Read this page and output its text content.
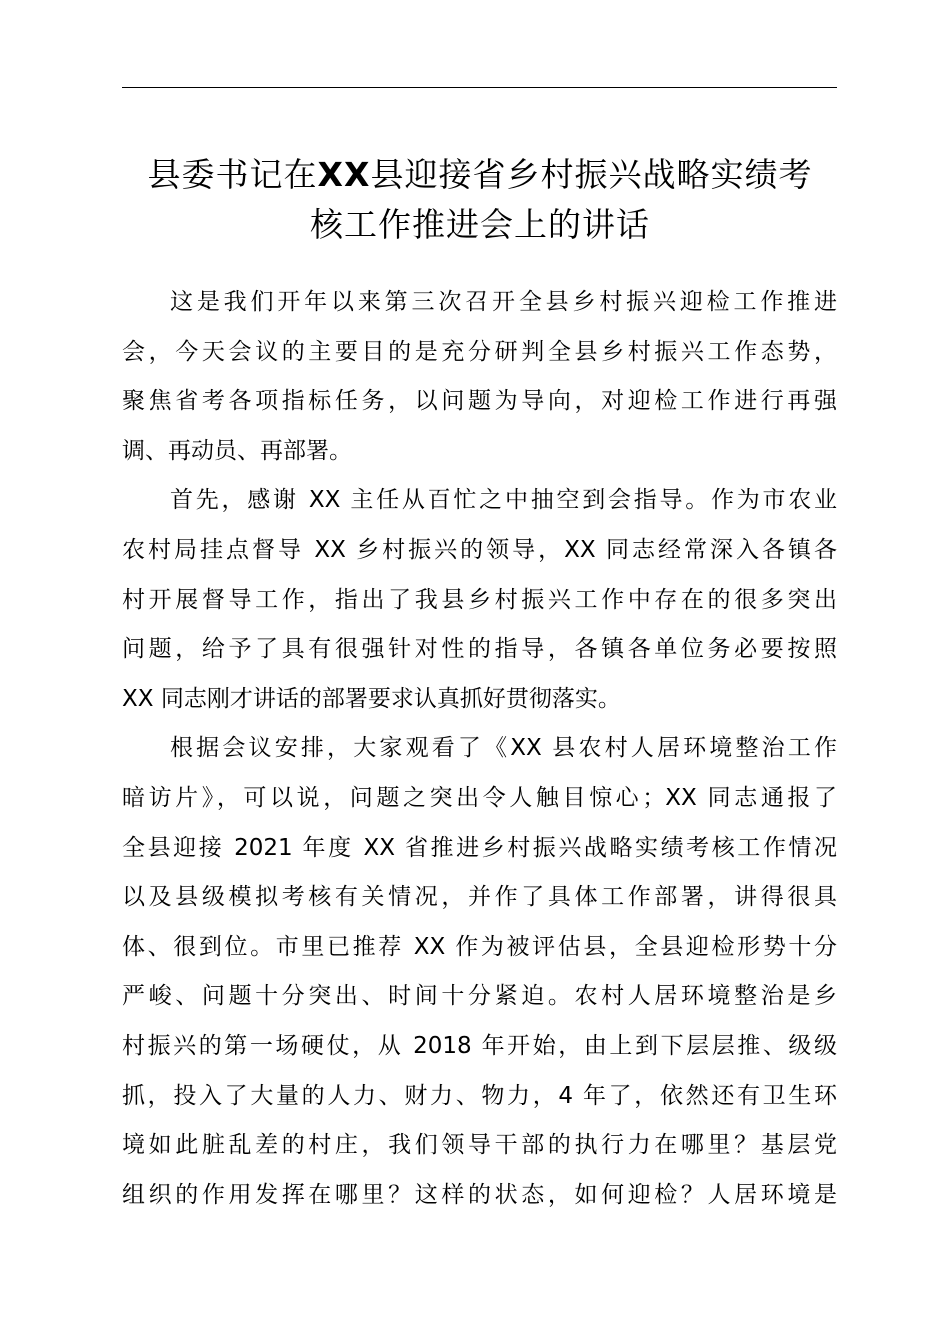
县委书记在XX县迎接省乡村振兴战略实绩考
核工作推进会上的讲话
这是我们开年以来第三次召开全县乡村振兴迎检工作推进
会，今天会议的主要目的是充分研判全县乡村振兴工作态势，
聚焦省考各项指标任务，以问题为导向，对迎检工作进行再强
调、再动员、再部署。
首先，感谢 XX 主任从百忙之中抽空到会指导。作为市农业
农村局挂点督导 XX 乡村振兴的领导，XX 同志经常深入各镇各
村开展督导工作，指出了我县乡村振兴工作中存在的很多突出
问题，给予了具有很强针对性的指导，各镇各单位务必要按照
XX 同志刚才讲话的部署要求认真抓好贯彻落实。
根据会议安排，大家观看了《XX 县农村人居环境整治工作
暗访片》，可以说，问题之突出令人触目惊心；XX 同志通报了
全县迎接 2021 年度 XX 省推进乡村振兴战略实绩考核工作情况
以及县级模拟考核有关情况，并作了具体工作部署，讲得很具
体、很到位。市里已推荐 XX 作为被评估县，全县迎检形势十分
严峻、问题十分突出、时间十分紧迫。农村人居环境整治是乡
村振兴的第一场硬仗，从 2018 年开始，由上到下层层推、级级
抓，投入了大量的人力、财力、物力，4 年了，依然还有卫生环
境如此脏乱差的村庄，我们领导干部的执行力在哪里？基层党
组织的作用发挥在哪里？这样的状态，如何迎检？人居环境是
